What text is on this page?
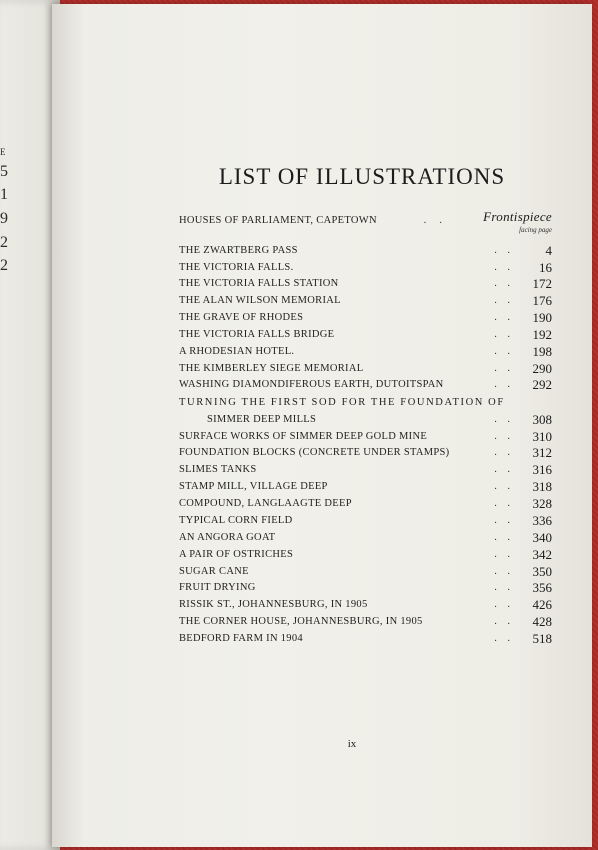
E
5
1
9
2
2
LIST OF ILLUSTRATIONS
HOUSES OF PARLIAMENT, CAPETOWN	.     .	Frontispiece
facing page
THE ZWARTBERG PASS	.    .	4
THE VICTORIA FALLS.	.    . 16
THE VICTORIA FALLS STATION	.    . 172
THE ALAN WILSON MEMORIAL	.    . 176
THE GRAVE OF RHODES	.    . 190
THE VICTORIA FALLS BRIDGE	.    . 192
A RHODESIAN HOTEL.	.    . 198
THE KIMBERLEY SIEGE MEMORIAL	.    . 290
WASHING DIAMONDIFEROUS EARTH, DUTOITSPAN	.    . 292
TURNING THE FIRST SOD FOR THE FOUNDATION OF
SIMMER DEEP MILLS	.    . 308
SURFACE WORKS OF SIMMER DEEP GOLD MINE	.    . 310
FOUNDATION BLOCKS (CONCRETE UNDER STAMPS)	.    . 312
SLIMES TANKS	.    . 316
STAMP MILL, VILLAGE DEEP	.    . 318
COMPOUND, LANGLAAGTE DEEP	.    . 328
TYPICAL CORN FIELD	.    . 336
AN ANGORA GOAT	.    . 340
A PAIR OF OSTRICHES	.    . 342
SUGAR CANE	.    . 350
FRUIT DRYING	.    . 356
RISSIK ST., JOHANNESBURG, IN 1905	.    . 426
THE CORNER HOUSE, JOHANNESBURG, IN 1905	.    . 428
BEDFORD FARM IN 1904	.    . 518
ix
